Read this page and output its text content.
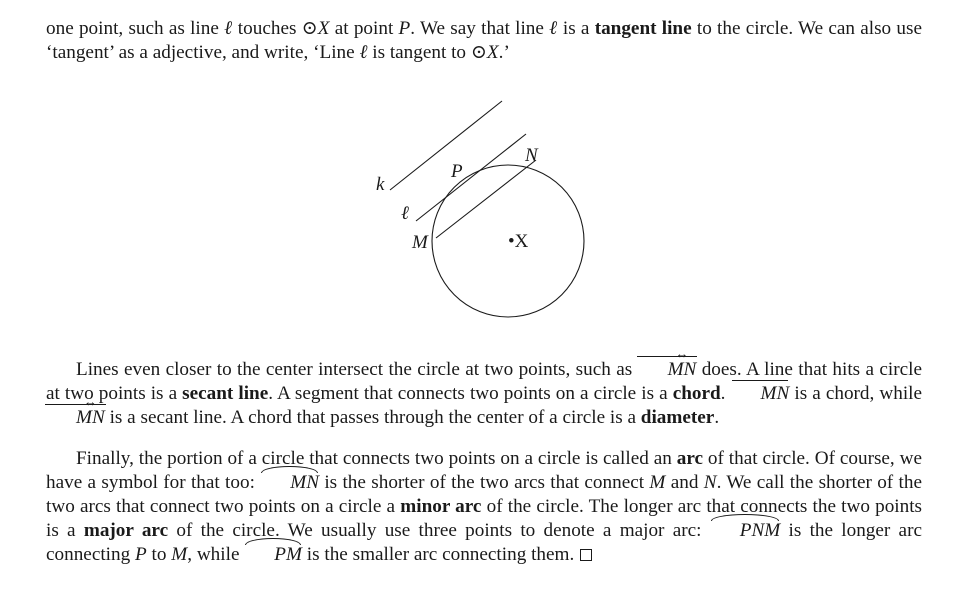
one point, such as line ℓ touches ⊙X at point P. We say that line ℓ is a tangent line to the circle. We can also use ‘tangent’ as a adjective, and write, ‘Line ℓ is tangent to ⊙X.’
k
ℓ
P
N
M	•X
Lines even closer to the center intersect the circle at two points, such as MN ↔ does. A line that hits a circle at two points is a secant line. A segment that connects two points on a circle is a chord. MN is a chord, while MN ↔ is a secant line. A chord that passes through the center of a circle is a diameter.
Finally, the portion of a circle that connects two points on a circle is called an arc of that circle. Of course, we have a symbol for that too: MN is the shorter of the two arcs that connect M and N. We call the shorter of the two arcs that connect two points on a circle a minor arc of the circle. The longer arc that connects the two points is a major arc of the circle. We usually use three points to denote a major arc: PNM is the longer arc connecting P to M, while PM is the smaller arc connecting them.
